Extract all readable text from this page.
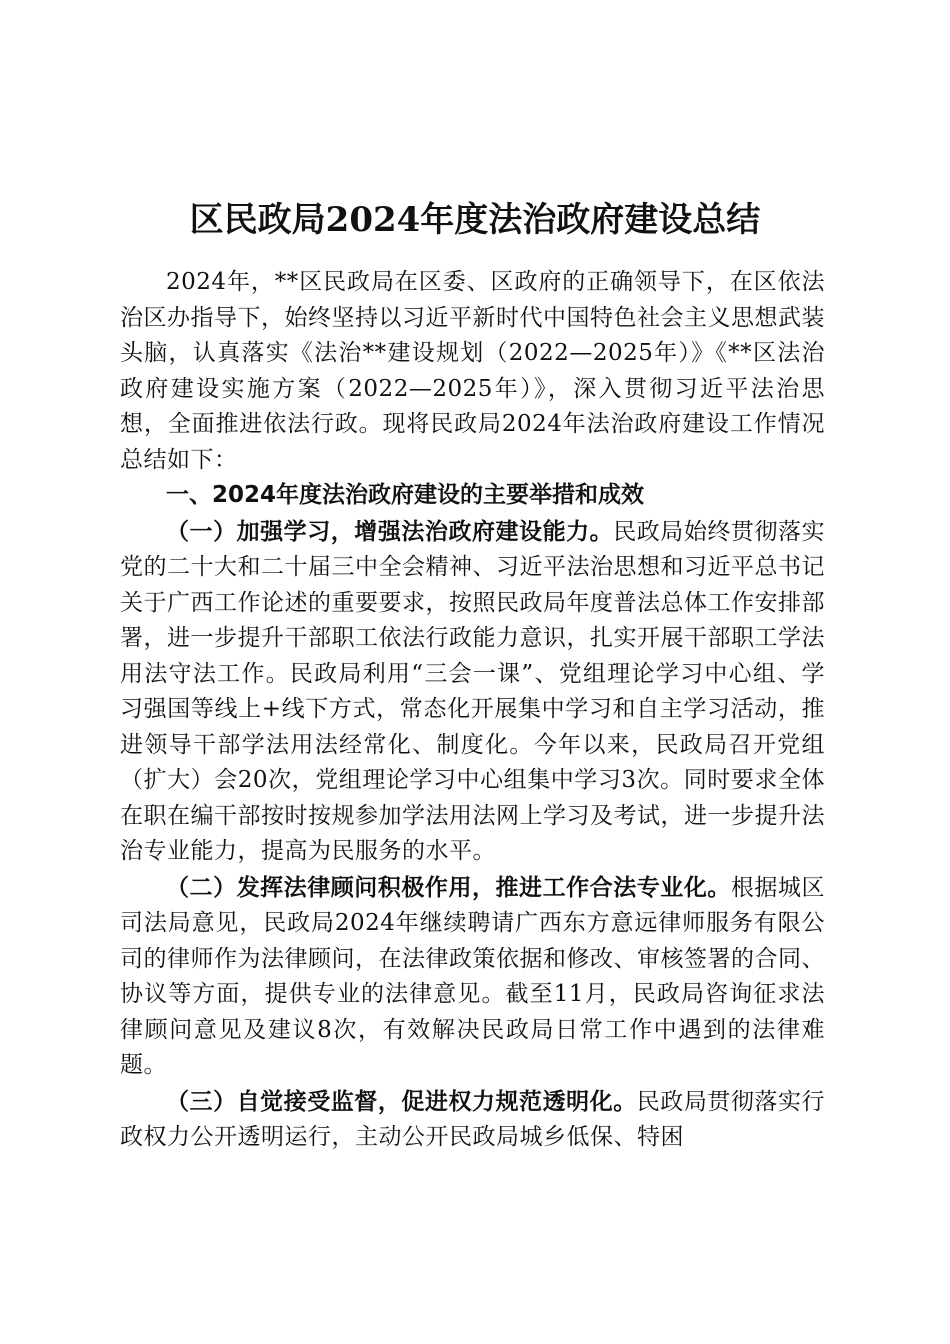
区民政局2024年度法治政府建设总结

2024年，**区民政局在区委、区政府的正确领导下，在区依法治区办指导下，始终坚持以习近平新时代中国特色社会主义思想武装头脑，认真落实《法治**建设规划（2022—2025年）》《**区法治政府建设实施方案（2022—2025年）》，深入贯彻习近平法治思想，全面推进依法行政。现将民政局2024年法治政府建设工作情况总结如下：

一、2024年度法治政府建设的主要举措和成效

（一）加强学习，增强法治政府建设能力。民政局始终贯彻落实党的二十大和二十届三中全会精神、习近平法治思想和习近平总书记关于广西工作论述的重要要求，按照民政局年度普法总体工作安排部署，进一步提升干部职工依法行政能力意识，扎实开展干部职工学法用法守法工作。民政局利用“三会一课”、党组理论学习中心组、学习强国等线上+线下方式，常态化开展集中学习和自主学习活动，推进领导干部学法用法经常化、制度化。今年以来，民政局召开党组（扩大）会20次，党组理论学习中心组集中学习3次。同时要求全体在职在编干部按时按规参加学法用法网上学习及考试，进一步提升法治专业能力，提高为民服务的水平。

（二）发挥法律顾问积极作用，推进工作合法专业化。根据城区司法局意见，民政局2024年继续聘请广西东方意远律师服务有限公司的律师作为法律顾问，在法律政策依据和修改、审核签署的合同、协议等方面，提供专业的法律意见。截至11月，民政局咨询征求法律顾问意见及建议8次，有效解决民政局日常工作中遇到的法律难题。

（三）自觉接受监督，促进权力规范透明化。民政局贯彻落实行政权力公开透明运行，主动公开民政局城乡低保、特困
